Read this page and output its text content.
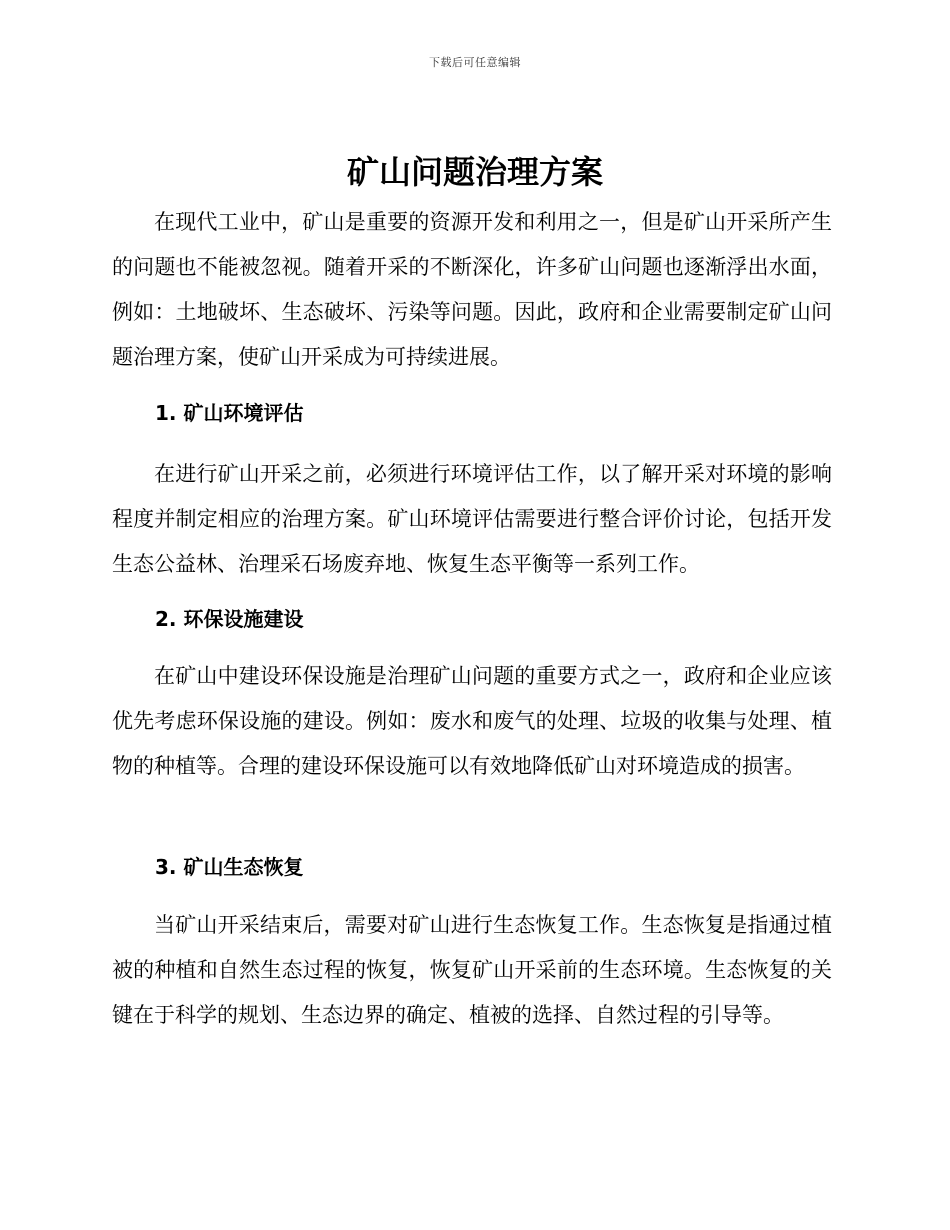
下载后可任意编辑
矿山问题治理方案

在现代工业中，矿山是重要的资源开发和利用之一，但是矿山开采所产生的问题也不能被忽视。随着开采的不断深化，许多矿山问题也逐渐浮出水面，例如：土地破坏、生态破坏、污染等问题。因此，政府和企业需要制定矿山问题治理方案，使矿山开采成为可持续进展。

1. 矿山环境评估

在进行矿山开采之前，必须进行环境评估工作，以了解开采对环境的影响程度并制定相应的治理方案。矿山环境评估需要进行整合评价讨论，包括开发生态公益林、治理采石场废弃地、恢复生态平衡等一系列工作。

2. 环保设施建设

在矿山中建设环保设施是治理矿山问题的重要方式之一，政府和企业应该优先考虑环保设施的建设。例如：废水和废气的处理、垃圾的收集与处理、植物的种植等。合理的建设环保设施可以有效地降低矿山对环境造成的损害。

3. 矿山生态恢复

当矿山开采结束后，需要对矿山进行生态恢复工作。生态恢复是指通过植被的种植和自然生态过程的恢复，恢复矿山开采前的生态环境。生态恢复的关键在于科学的规划、生态边界的确定、植被的选择、自然过程的引导等。
